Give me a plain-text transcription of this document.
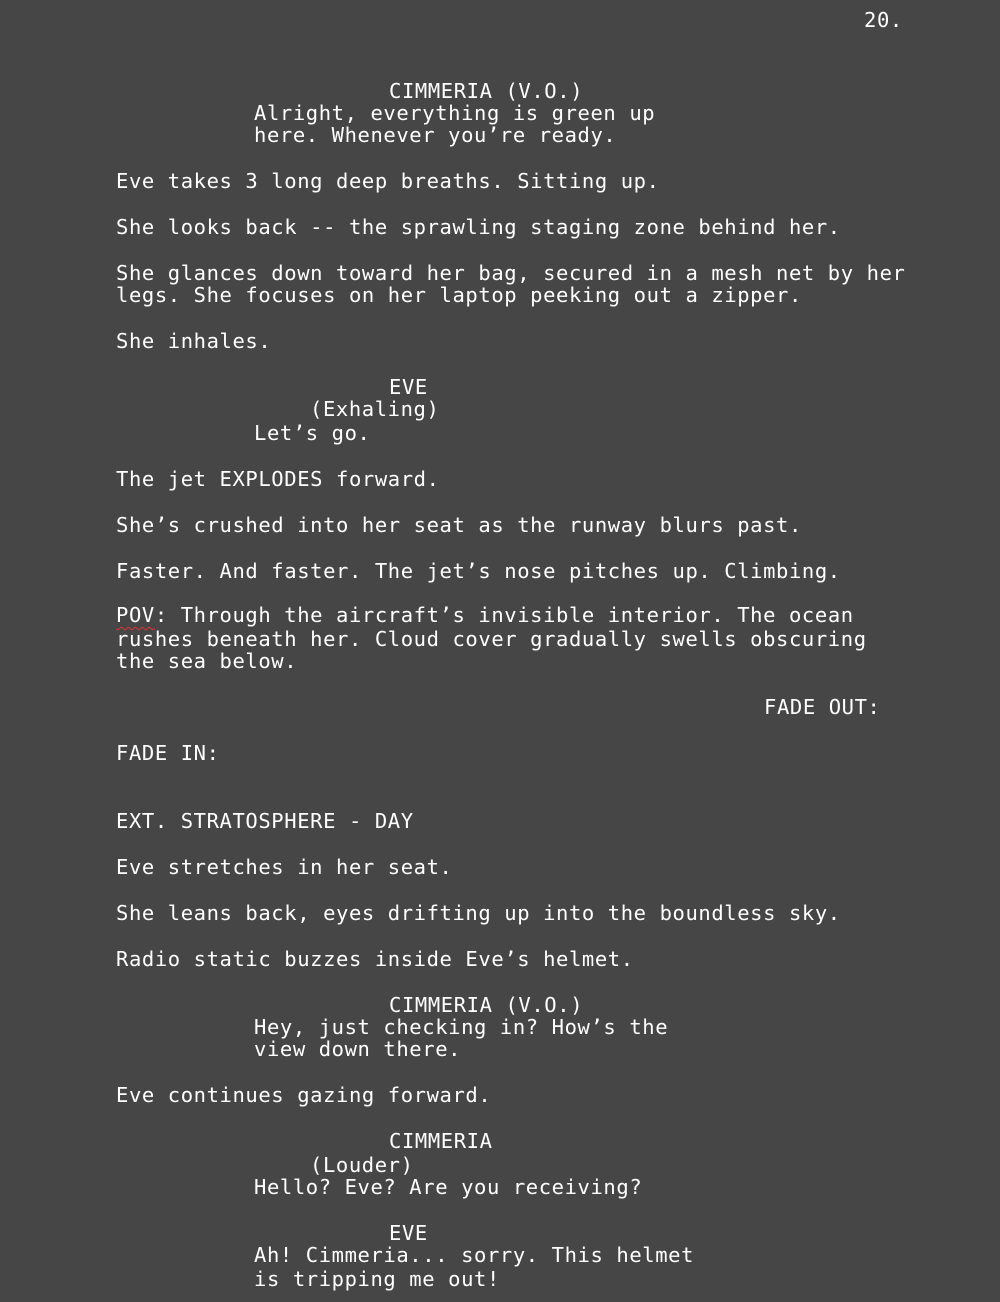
20.
CIMMERIA (V.O.)
Alright, everything is green up
here. Whenever you’re ready.
Eve takes 3 long deep breaths. Sitting up.
She looks back -- the sprawling staging zone behind her.
She glances down toward her bag, secured in a mesh net by her
legs. She focuses on her laptop peeking out a zipper.
She inhales.
EVE
(Exhaling)
Let’s go.
The jet EXPLODES forward.
She’s crushed into her seat as the runway blurs past.
Faster. And faster. The jet’s nose pitches up. Climbing.
POV: Through the aircraft’s invisible interior. The ocean
rushes beneath her. Cloud cover gradually swells obscuring
the sea below.
FADE OUT:
FADE IN:
EXT. STRATOSPHERE - DAY
Eve stretches in her seat.
She leans back, eyes drifting up into the boundless sky.
Radio static buzzes inside Eve’s helmet.
CIMMERIA (V.O.)
Hey, just checking in? How’s the
view down there.
Eve continues gazing forward.
CIMMERIA
(Louder)
Hello? Eve? Are you receiving?
EVE
Ah! Cimmeria... sorry. This helmet
is tripping me out!
